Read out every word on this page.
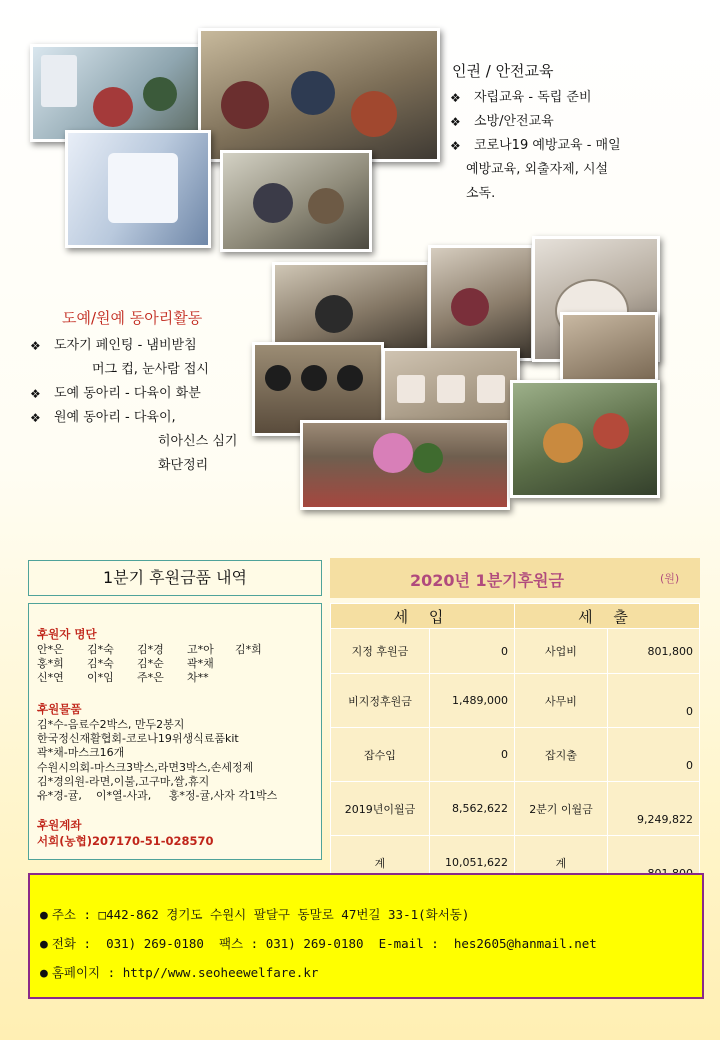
인권 / 안전교육
❖ 자립교육 - 독립 준비
❖ 소방/안전교육
❖ 코로나19 예방교육 - 매일
예방교육, 외출자제, 시설
소독.
도예/원예 동아리활동
❖ 도자기 페인팅 - 냄비받침
머그 컵, 눈사람 접시
❖ 도예 동아리 - 다육이 화분
❖ 원예 동아리 - 다육이,
히아신스 심기
화단정리
1분기 후원금품 내역
후원자 명단
안*은 김*숙 김*경 고*아 김*희
홍*희 김*숙 김*순 곽*채
신*연 이*임 주*은 차**
후원물품
김*수-음료수2박스, 만두2봉지
한국정신재활협회-코로나19위생식료품kit
곽*채-마스크16개
수원시의회-마스크3박스,라면3박스,손세정제
김*경의원-라면,이불,고구마,쌀,휴지
유*경-귤,    이*열-사과,     홍*정-귤,사자 각1박스
후원계좌
서희(농협)207170-51-028570
2020년 1분기후원금	(원)
세 입		세 출	
지정 후원금	0	사업비	801,800
비지정후원금	1,489,000	사무비	0
잡수입	0	잡지출	0
2019년이월금	8,562,622	2분기 이월금	9,249,822
계	10,051,622	계	
● 주소 : □442-862 경기도 수원시 팔달구 동말로 47번길 33-1(화서동)
● 전화 :  031) 269-0180  팩스 : 031) 269-0180  E-mail :  hes2605@hanmail.net
● 홈페이지 : http//www.seoheewelfare.kr
